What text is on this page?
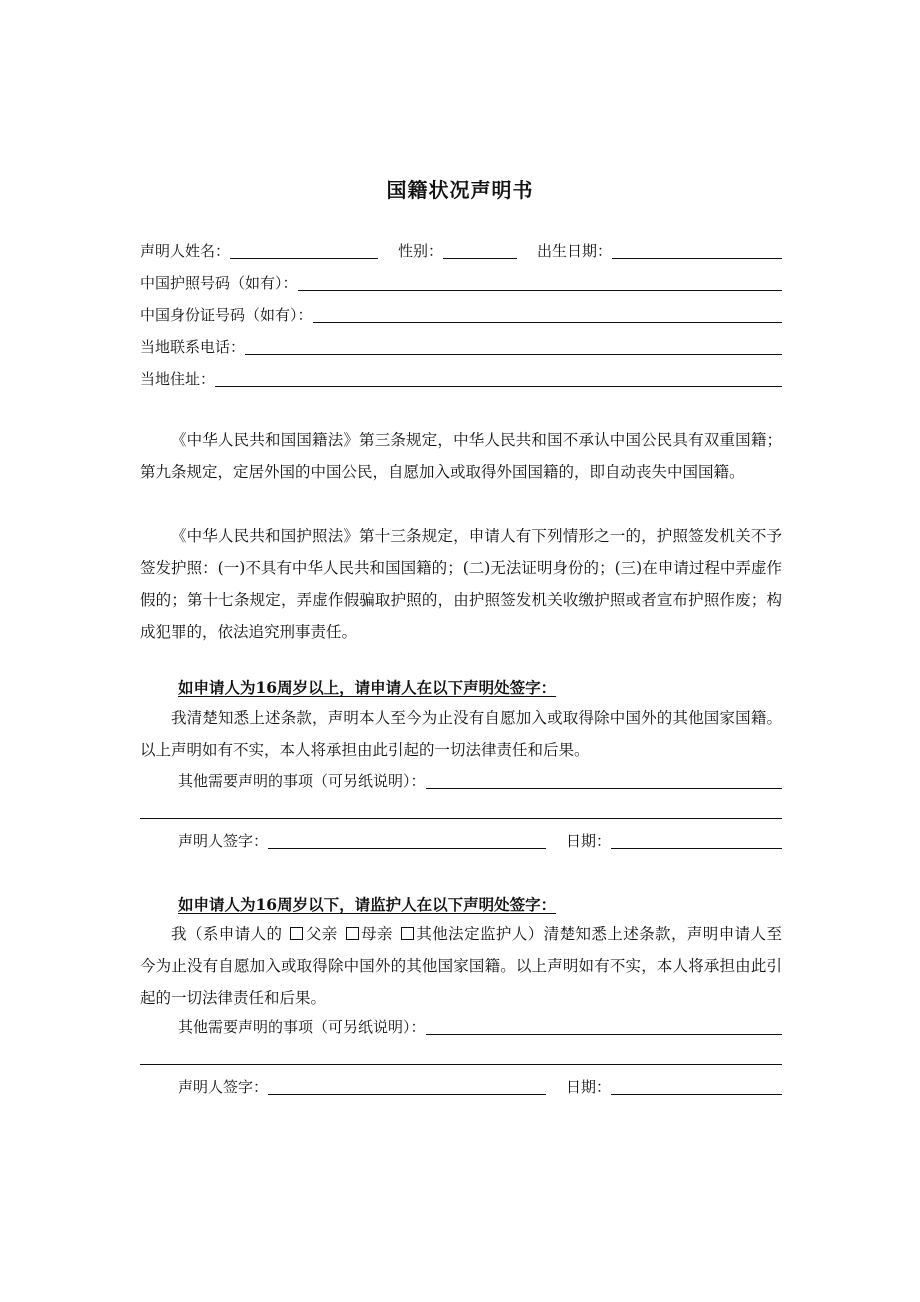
国籍状况声明书
声明人姓名：	性别：	出生日期：
中国护照号码（如有）：
中国身份证号码（如有）：
当地联系电话：
当地住址：

《中华人民共和国国籍法》第三条规定，中华人民共和国不承认中国公民具有双重国籍；第九条规定，定居外国的中国公民，自愿加入或取得外国国籍的，即自动丧失中国国籍。

《中华人民共和国护照法》第十三条规定，申请人有下列情形之一的，护照签发机关不予签发护照：(一)不具有中华人民共和国国籍的；(二)无法证明身份的；(三)在申请过程中弄虚作假的；第十七条规定，弄虚作假骗取护照的，由护照签发机关收缴护照或者宣布护照作废；构成犯罪的，依法追究刑事责任。

如申请人为16周岁以上，请申请人在以下声明处签字：

我清楚知悉上述条款，声明本人至今为止没有自愿加入或取得除中国外的其他国家国籍。以上声明如有不实，本人将承担由此引起的一切法律责任和后果。

其他需要声明的事项（可另纸说明）：
声明人签字：	日期：
如申请人为16周岁以下，请监护人在以下声明处签字：

我（系申请人的 父亲 母亲 其他法定监护人）清楚知悉上述条款，声明申请人至今为止没有自愿加入或取得除中国外的其他国家国籍。以上声明如有不实，本人将承担由此引起的一切法律责任和后果。

其他需要声明的事项（可另纸说明）：
声明人签字：	日期：
